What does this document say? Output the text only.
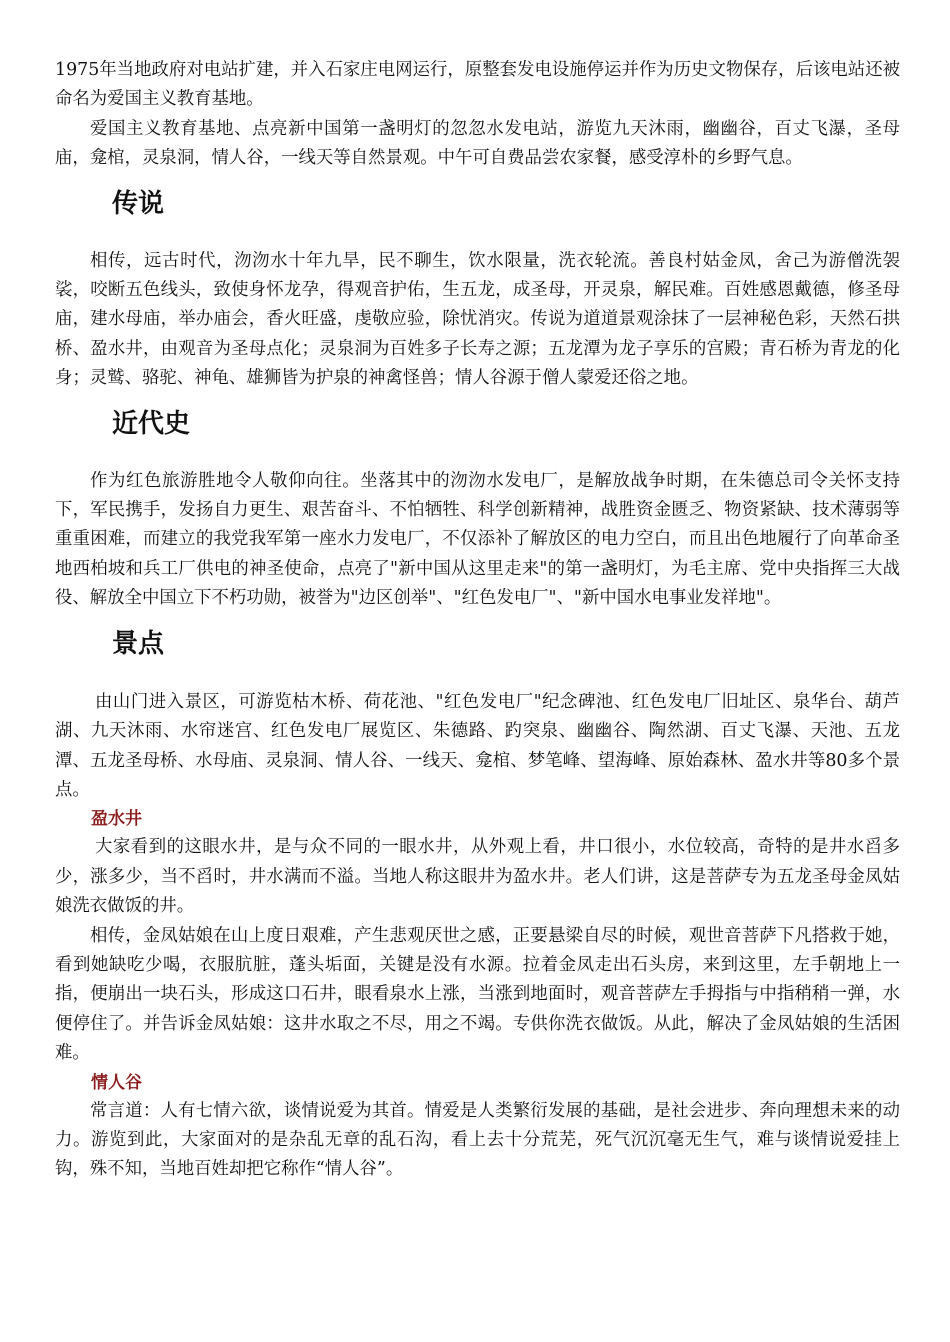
1975年当地政府对电站扩建，并入石家庄电网运行，原整套发电设施停运并作为历史文物保存，后该电站还被命名为爱国主义教育基地。

爱国主义教育基地、点亮新中国第一盏明灯的忽忽水发电站，游览九天沐雨，幽幽谷，百丈飞瀑，圣母庙，龛棺，灵泉洞，情人谷，一线天等自然景观。中午可自费品尝农家餐，感受淳朴的乡野气息。

传说

相传，远古时代，沕沕水十年九旱，民不聊生，饮水限量，洗衣轮流。善良村姑金凤，舍己为游僧洗袈裟，咬断五色线头，致使身怀龙孕，得观音护佑，生五龙，成圣母，开灵泉，解民难。百姓感恩戴德，修圣母庙，建水母庙，举办庙会，香火旺盛，虔敬应验，除忧消灾。传说为道道景观涂抹了一层神秘色彩，天然石拱桥、盈水井，由观音为圣母点化；灵泉洞为百姓多子长寿之源；五龙潭为龙子享乐的宫殿；青石桥为青龙的化身；灵鹫、骆驼、神龟、雄狮皆为护泉的神禽怪兽；情人谷源于僧人蒙爱还俗之地。

近代史

作为红色旅游胜地令人敬仰向往。坐落其中的沕沕水发电厂，是解放战争时期，在朱德总司令关怀支持下，军民携手，发扬自力更生、艰苦奋斗、不怕牺牲、科学创新精神，战胜资金匮乏、物资紧缺、技术薄弱等重重困难，而建立的我党我军第一座水力发电厂，不仅添补了解放区的电力空白，而且出色地履行了向革命圣地西柏坡和兵工厂供电的神圣使命，点亮了"新中国从这里走来"的第一盏明灯，为毛主席、党中央指挥三大战役、解放全中国立下不朽功勋，被誉为"边区创举"、"红色发电厂"、"新中国水电事业发祥地"。

景点

由山门进入景区，可游览枯木桥、荷花池、"红色发电厂"纪念碑池、红色发电厂旧址区、泉华台、葫芦湖、九天沐雨、水帘迷宫、红色发电厂展览区、朱德路、趵突泉、幽幽谷、陶然湖、百丈飞瀑、天池、五龙潭、五龙圣母桥、水母庙、灵泉洞、情人谷、一线天、龛棺、梦笔峰、望海峰、原始森林、盈水井等80多个景点。

盈水井

大家看到的这眼水井，是与众不同的一眼水井，从外观上看，井口很小，水位较高，奇特的是井水舀多少，涨多少，当不舀时，井水满而不溢。当地人称这眼井为盈水井。老人们讲，这是菩萨专为五龙圣母金凤姑娘洗衣做饭的井。

相传，金凤姑娘在山上度日艰难，产生悲观厌世之感，正要悬梁自尽的时候，观世音菩萨下凡搭救于她，看到她缺吃少喝，衣服肮脏，蓬头垢面，关键是没有水源。拉着金凤走出石头房，来到这里，左手朝地上一指，便崩出一块石头，形成这口石井，眼看泉水上涨，当涨到地面时，观音菩萨左手拇指与中指稍稍一弹，水便停住了。并告诉金凤姑娘：这井水取之不尽，用之不竭。专供你洗衣做饭。从此，解决了金凤姑娘的生活困难。

情人谷

常言道：人有七情六欲，谈情说爱为其首。情爱是人类繁衍发展的基础，是社会进步、奔向理想未来的动力。游览到此，大家面对的是杂乱无章的乱石沟，看上去十分荒芜，死气沉沉毫无生气，难与谈情说爱挂上钩，殊不知，当地百姓却把它称作“情人谷”。
